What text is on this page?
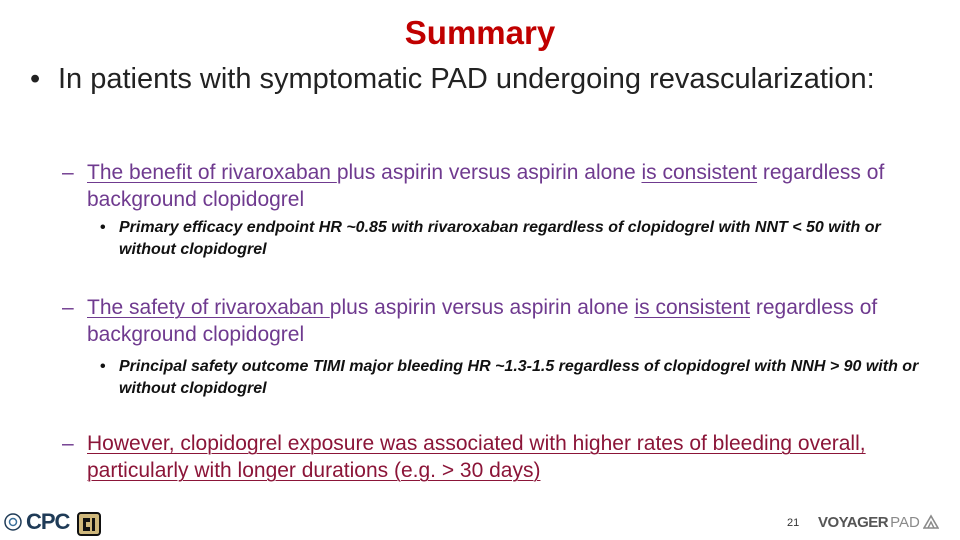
Summary
• In patients with symptomatic PAD undergoing revascularization:
– The benefit of rivaroxaban plus aspirin versus aspirin alone is consistent regardless of background clopidogrel
• Primary efficacy endpoint HR ~0.85 with rivaroxaban regardless of clopidogrel with NNT < 50 with or without clopidogrel
– The safety of rivaroxaban plus aspirin versus aspirin alone is consistent regardless of background clopidogrel
• Principal safety outcome TIMI major bleeding HR ~1.3-1.5 regardless of clopidogrel with NNH > 90 with or without clopidogrel
– However, clopidogrel exposure was associated with higher rates of bleeding overall, particularly with longer durations (e.g. > 30 days)
CPC	21 VOYAGER PAD
